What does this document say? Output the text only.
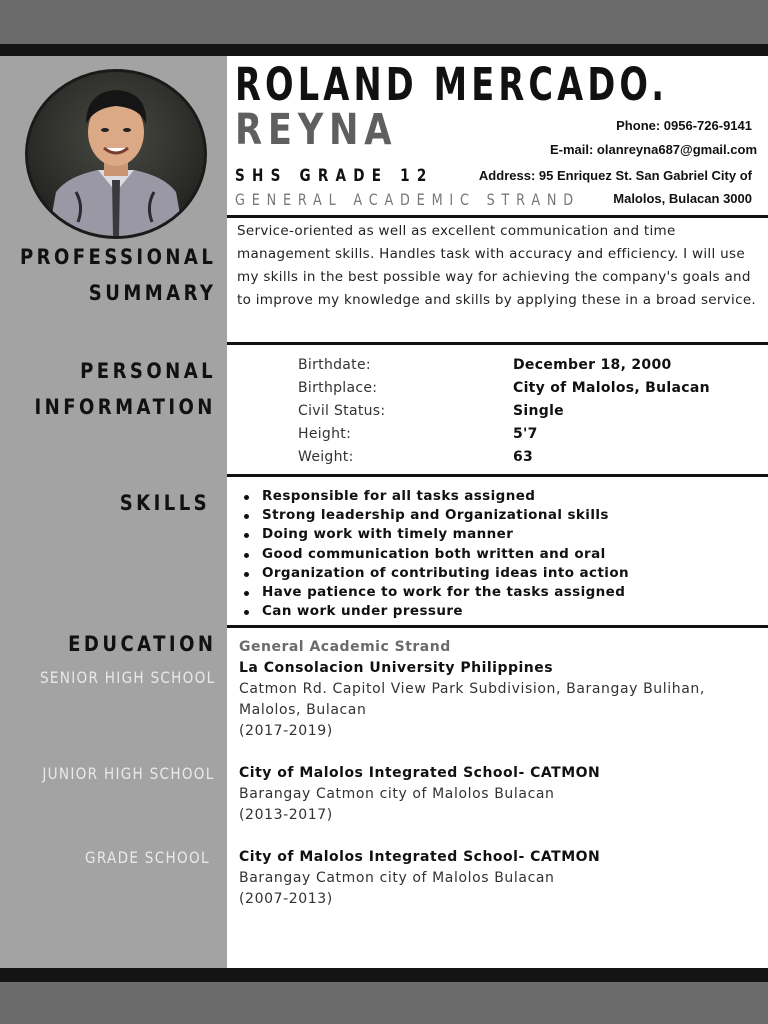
ROLAND MERCADO.
REYNA
SHS GRADE 12
GENERAL ACADEMIC STRAND
Phone: 0956-726-9141
E-mail: olanreyna687@gmail.com
Address: 95 Enriquez St. San Gabriel City of
Malolos, Bulacan 3000
PROFESSIONAL
SUMMARY
Service-oriented as well as excellent communication and time management skills. Handles task with accuracy and efficiency. I will use my skills in the best possible way for achieving the company's goals and to improve my knowledge and skills by applying these in a broad service.
PERSONAL
INFORMATION
Birthdate:	December 18, 2000
Birthplace:	City of Malolos, Bulacan
Civil Status:	Single
Height:	5'7
Weight:	63
SKILLS	Responsible for all tasks assigned
Strong leadership and Organizational skills
Doing work with timely manner
Good communication both written and oral
Organization of contributing ideas into action
Have patience to work for the tasks assigned
Can work under pressure
EDUCATION
SENIOR HIGH SCHOOL
General Academic Strand
La Consolacion University Philippines
Catmon Rd. Capitol View Park Subdivision, Barangay Bulihan,
Malolos, Bulacan
(2017-2019)
JUNIOR HIGH SCHOOL City of Malolos Integrated School- CATMON
Barangay Catmon city of Malolos Bulacan
(2013-2017)
GRADE SCHOOL City of Malolos Integrated School- CATMON
Barangay Catmon city of Malolos Bulacan
(2007-2013)
